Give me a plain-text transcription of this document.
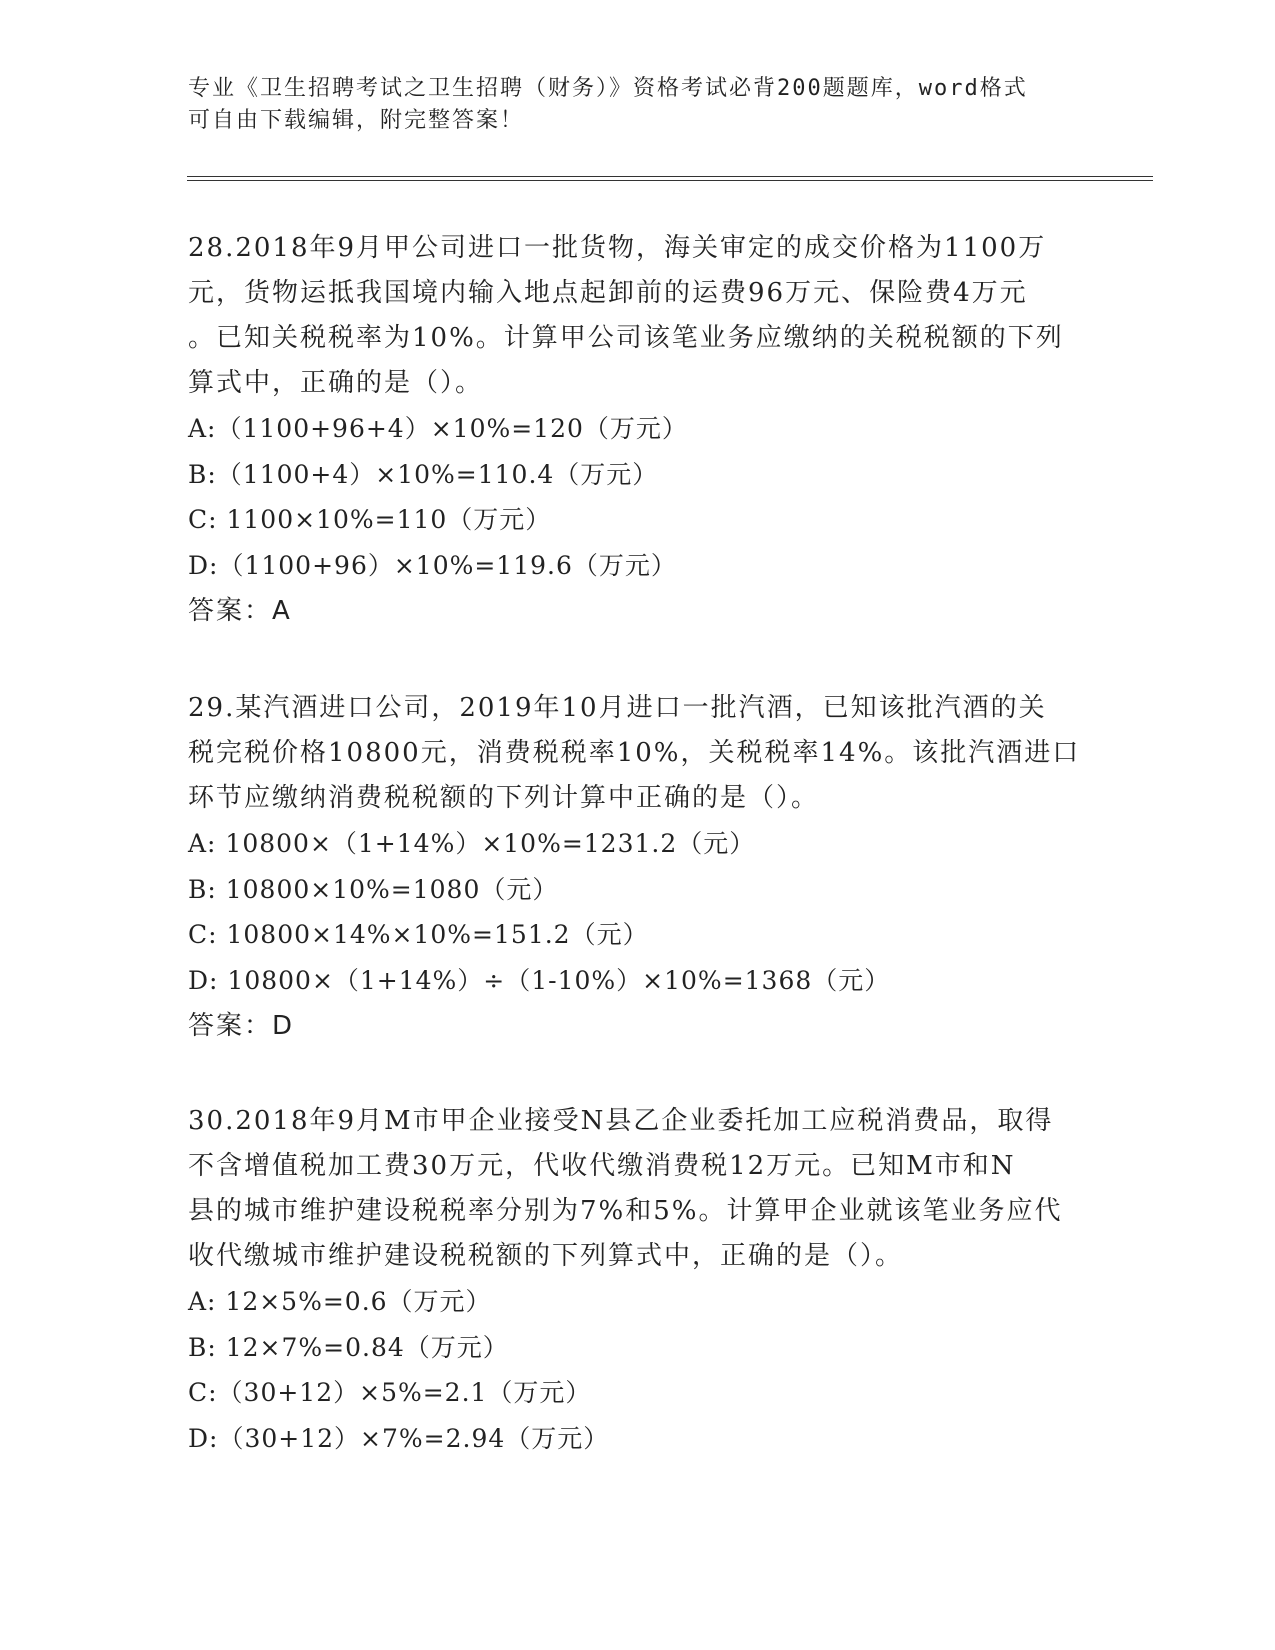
专业《卫生招聘考试之卫生招聘（财务）》资格考试必背200题题库，word格式
可自由下载编辑，附完整答案！
28.2018年9月甲公司进口一批货物，海关审定的成交价格为1100万
元，货物运抵我国境内输入地点起卸前的运费96万元、保险费4万元
。已知关税税率为10%。计算甲公司该笔业务应缴纳的关税税额的下列
算式中，正确的是（）。
A:（1100+96+4）×10%=120（万元）
B:（1100+4）×10%=110.4（万元）
C: 1100×10%=110（万元）
D:（1100+96）×10%=119.6（万元）
答案：A
29.某汽酒进口公司，2019年10月进口一批汽酒，已知该批汽酒的关
税完税价格10800元，消费税税率10%，关税税率14%。该批汽酒进口
环节应缴纳消费税税额的下列计算中正确的是（）。
A: 10800×（1+14%）×10%=1231.2（元）
B: 10800×10%=1080（元）
C: 10800×14%×10%=151.2（元）
D: 10800×（1+14%）÷（1-10%）×10%=1368（元）
答案：D
30.2018年9月M市甲企业接受N县乙企业委托加工应税消费品，取得
不含增值税加工费30万元，代收代缴消费税12万元。已知M市和N
县的城市维护建设税税率分别为7%和5%。计算甲企业就该笔业务应代
收代缴城市维护建设税税额的下列算式中，正确的是（）。
A: 12×5%=0.6（万元）
B: 12×7%=0.84（万元）
C:（30+12）×5%=2.1（万元）
D:（30+12）×7%=2.94（万元）
